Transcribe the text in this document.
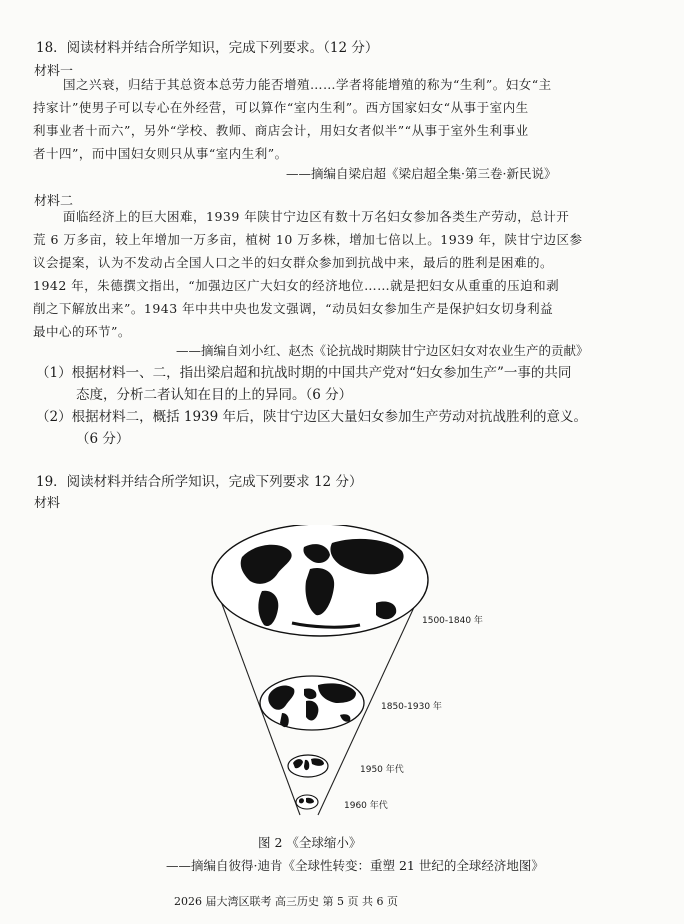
18．阅读材料并结合所学知识，完成下列要求。（12 分）
材料一

国之兴衰，归结于其总资本总劳力能否增殖……学者将能增殖的称为“生利”。妇女“主

持家计”使男子可以专心在外经营，可以算作“室内生利”。西方国家妇女“从事于室内生

利事业者十而六”，另外“学校、教师、商店会计，用妇女者似半”“从事于室外生利事业

者十四”，而中国妇女则只从事“室内生利”。

——摘编自梁启超《梁启超全集·第三卷·新民说》
材料二

面临经济上的巨大困难，1939 年陕甘宁边区有数十万名妇女参加各类生产劳动，总计开

荒 6 万多亩，较上年增加一万多亩，植树 10 万多株，增加七倍以上。1939 年，陕甘宁边区参

议会提案，认为不发动占全国人口之半的妇女群众参加到抗战中来，最后的胜利是困难的。

1942 年，朱德撰文指出，“加强边区广大妇女的经济地位……就是把妇女从重重的压迫和剥

削之下解放出来”。1943 年中共中央也发文强调，“动员妇女参加生产是保护妇女切身利益

最中心的环节”。

——摘编自刘小红、赵杰《论抗战时期陕甘宁边区妇女对农业生产的贡献》
（1）根据材料一、二，指出梁启超和抗战时期的中国共产党对“妇女参加生产”一事的共同
态度，分析二者认知在目的上的异同。（6 分）
（2）根据材料二，概括 1939 年后，陕甘宁边区大量妇女参加生产劳动对抗战胜利的意义。
（6 分）
19．阅读材料并结合所学知识，完成下列要求 12 分）
材料
1500-1840 年
1850-1930 年
1950 年代
1960 年代
图 2 《全球缩小》
——摘编自彼得·迪肯《全球性转变：重塑 21 世纪的全球经济地图》
2026 届大湾区联考 高三历史 第 5 页 共 6 页
